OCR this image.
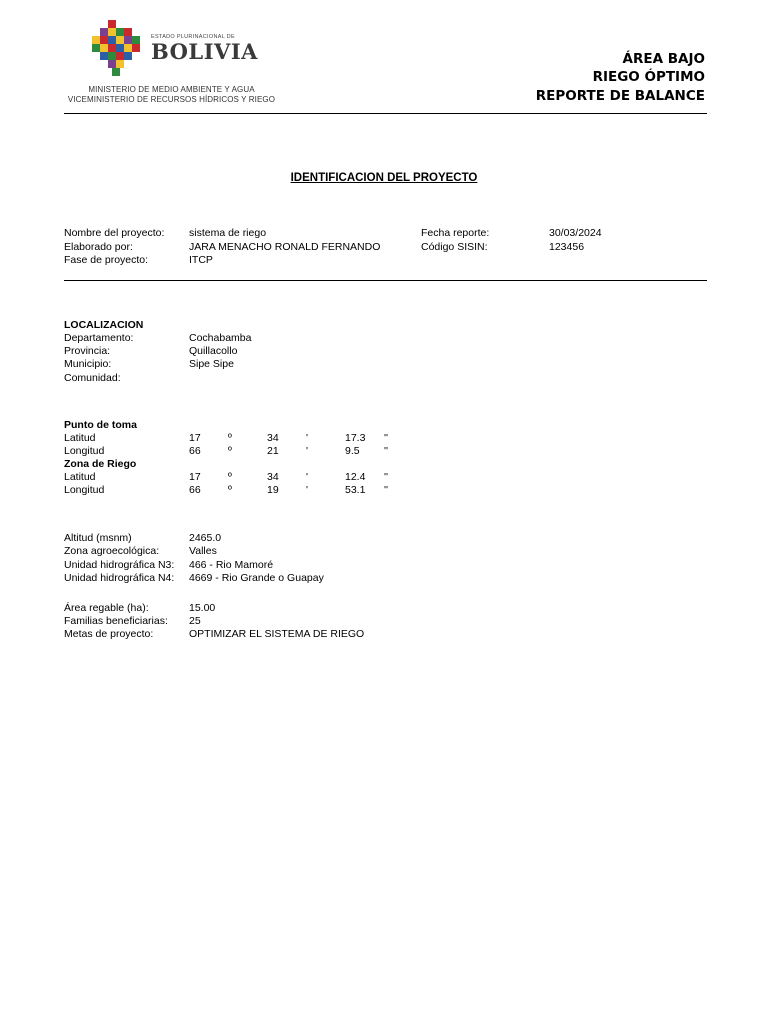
ESTADO PLURINACIONAL DE
BOLIVIA
MINISTERIO DE MEDIO AMBIENTE Y AGUA
VICEMINISTERIO DE RECURSOS HÍDRICOS Y RIEGO
ÁREA BAJO
RIEGO ÓPTIMO
REPORTE DE BALANCE
IDENTIFICACION DEL PROYECTO
Nombre del proyecto: sistema de riego
Elaborado por:	JARA MENACHO RONALD FERNANDO
Fase de proyecto:	ITCP
Fecha reporte:	30/03/2024
Código SISIN:	123456
LOCALIZACION
Departamento:	Cochabamba
Provincia:	Quillacollo
Municipio:	Sipe Sipe
Comunidad:
Punto de toma
Latitud	17	º	34	'	17.3 ''
Longitud	66	º	21	'	9.5 ''
Zona de Riego
Latitud	17	º	34	'	12.4 ''
Longitud	66	º	19	'	53.1 ''
Altitud (msnm)	2465.0
Zona agroecológica:	Valles
Unidad hidrográfica N3: 466 - Rio Mamoré
Unidad hidrográfica N4: 4669 - Rio Grande o Guapay
Área regable (ha):	15.00
Familias beneficiarias: 25
Metas de proyecto:	OPTIMIZAR EL SISTEMA DE RIEGO
